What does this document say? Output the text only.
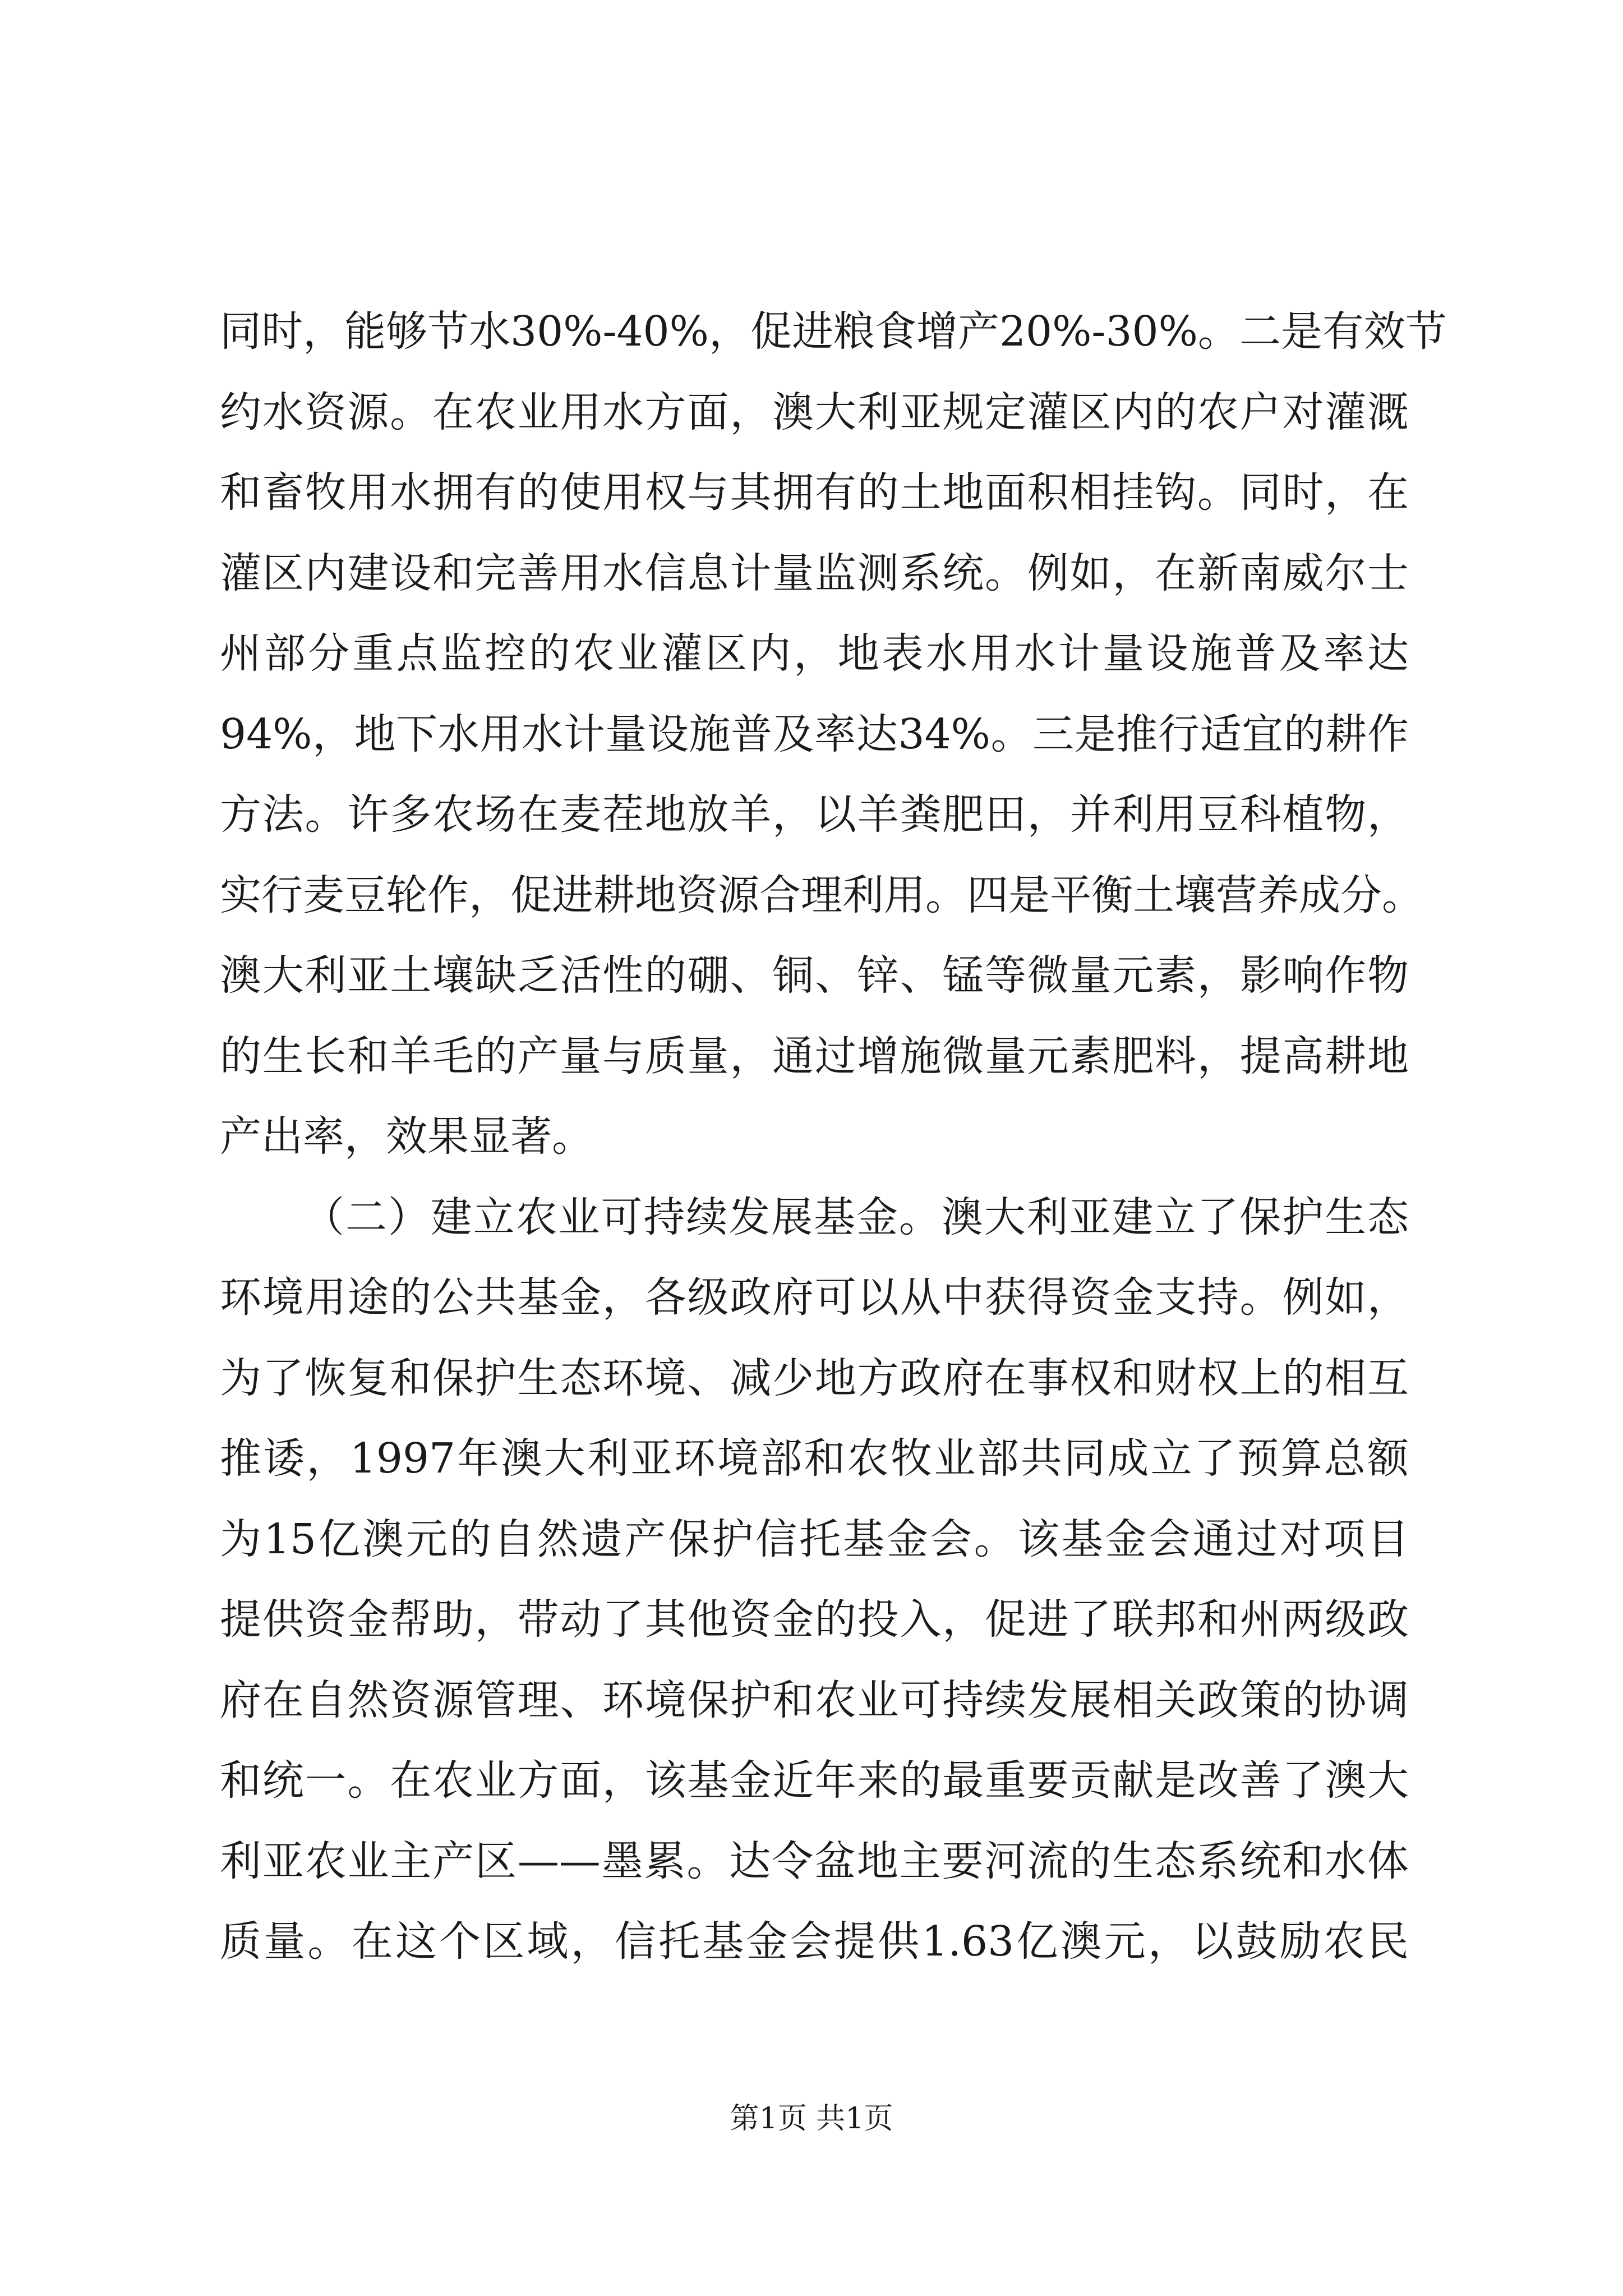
同时，能够节水30%-40%，促进粮食增产20%-30%。二是有效节
约水资源。在农业用水方面，澳大利亚规定灌区内的农户对灌溉
和畜牧用水拥有的使用权与其拥有的土地面积相挂钩。同时，在
灌区内建设和完善用水信息计量监测系统。例如，在新南威尔士
州部分重点监控的农业灌区内，地表水用水计量设施普及率达
94%，地下水用水计量设施普及率达34%。三是推行适宜的耕作
方法。许多农场在麦茬地放羊，以羊粪肥田，并利用豆科植物，
实行麦豆轮作，促进耕地资源合理利用。四是平衡土壤营养成分。
澳大利亚土壤缺乏活性的硼、铜、锌、锰等微量元素，影响作物
的生长和羊毛的产量与质量，通过增施微量元素肥料，提高耕地
产出率，效果显著。
（二）建立农业可持续发展基金。澳大利亚建立了保护生态
环境用途的公共基金，各级政府可以从中获得资金支持。例如，
为了恢复和保护生态环境、减少地方政府在事权和财权上的相互
推诿，1997年澳大利亚环境部和农牧业部共同成立了预算总额
为15亿澳元的自然遗产保护信托基金会。该基金会通过对项目
提供资金帮助，带动了其他资金的投入，促进了联邦和州两级政
府在自然资源管理、环境保护和农业可持续发展相关政策的协调
和统一。在农业方面，该基金近年来的最重要贡献是改善了澳大
利亚农业主产区——墨累。达令盆地主要河流的生态系统和水体
质量。在这个区域，信托基金会提供1.63亿澳元，以鼓励农民
第1页 共1页
